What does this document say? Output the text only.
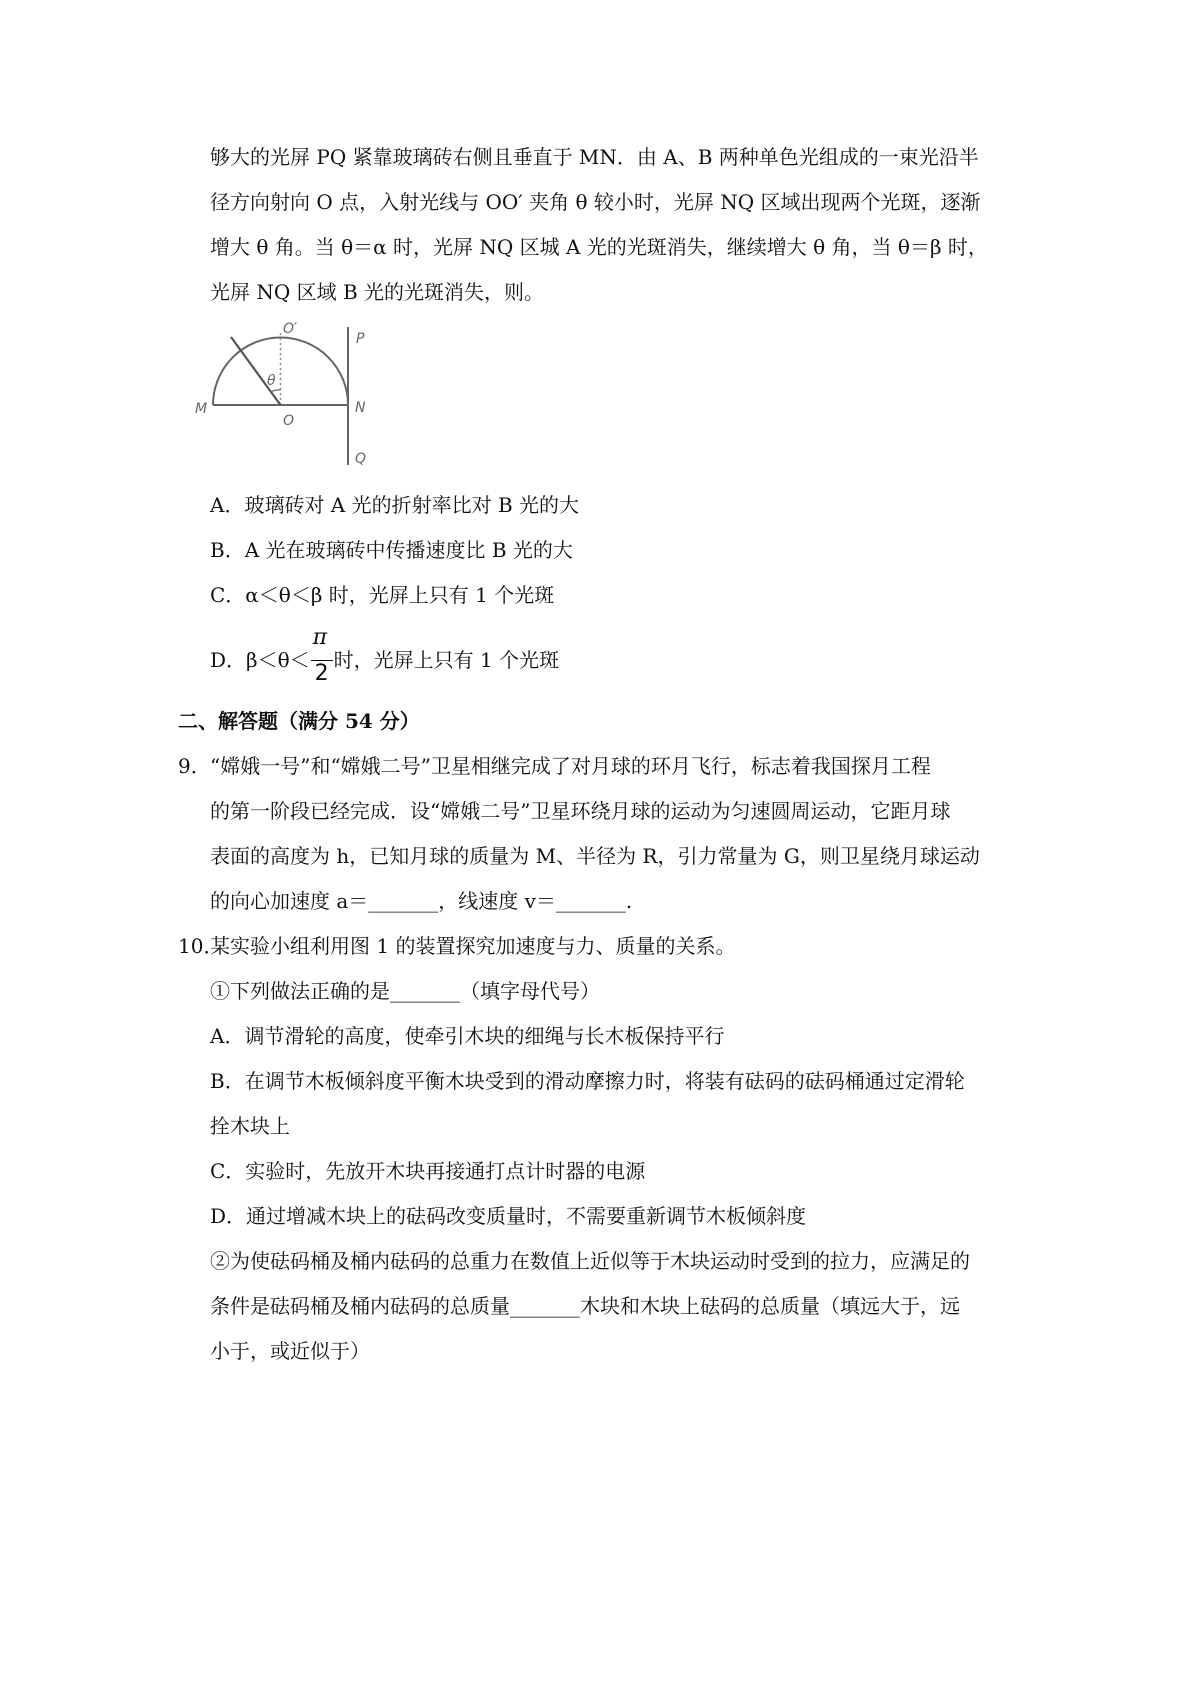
够大的光屏 PQ 紧靠玻璃砖右侧且垂直于 MN．由 A、B 两种单色光组成的一束光沿半
径方向射向 O 点，入射光线与 OO′ 夹角 θ 较小时，光屏 NQ 区域出现两个光斑，逐渐
增大 θ 角。当 θ＝α 时，光屏 NQ 区城 A 光的光斑消失，继续增大 θ 角，当 θ＝β 时，
光屏 NQ 区域 B 光的光斑消失，则。
O′
P
M
O
N
Q
θ
A．玻璃砖对 A 光的折射率比对 B 光的大
B．A 光在玻璃砖中传播速度比 B 光的大
C．α＜θ＜β 时，光屏上只有 1 个光斑
D．$\beta<\theta< \frac{\pi}{2}$ 时，光屏上只有 1 个光斑
二、解答题（满分 54 分）
9． “嫦娥一号”和“嫦娥二号”卫星相继完成了对月球的环月飞行，标志着我国探月工程
的第一阶段已经完成．设“嫦娥二号”卫星环绕月球的运动为匀速圆周运动，它距月球
表面的高度为 h，已知月球的质量为 M、半径为 R，引力常量为 G，则卫星绕月球运动
的向心加速度 a＝_______，线速度 v＝_______.
10．
某实验小组利用图 1 的装置探究加速度与力、质量的关系。
①下列做法正确的是_______（填字母代号）
A．调节滑轮的高度，使牵引木块的细绳与长木板保持平行
B．在调节木板倾斜度平衡木块受到的滑动摩擦力时，将装有砝码的砝码桶通过定滑轮
拴木块上
C．实验时，先放开木块再接通打点计时器的电源
D．通过增减木块上的砝码改变质量时，不需要重新调节木板倾斜度
②为使砝码桶及桶内砝码的总重力在数值上近似等于木块运动时受到的拉力，应满足的
条件是砝码桶及桶内砝码的总质量_______木块和木块上砝码的总质量（填远大于，远
小于，或近似于）
